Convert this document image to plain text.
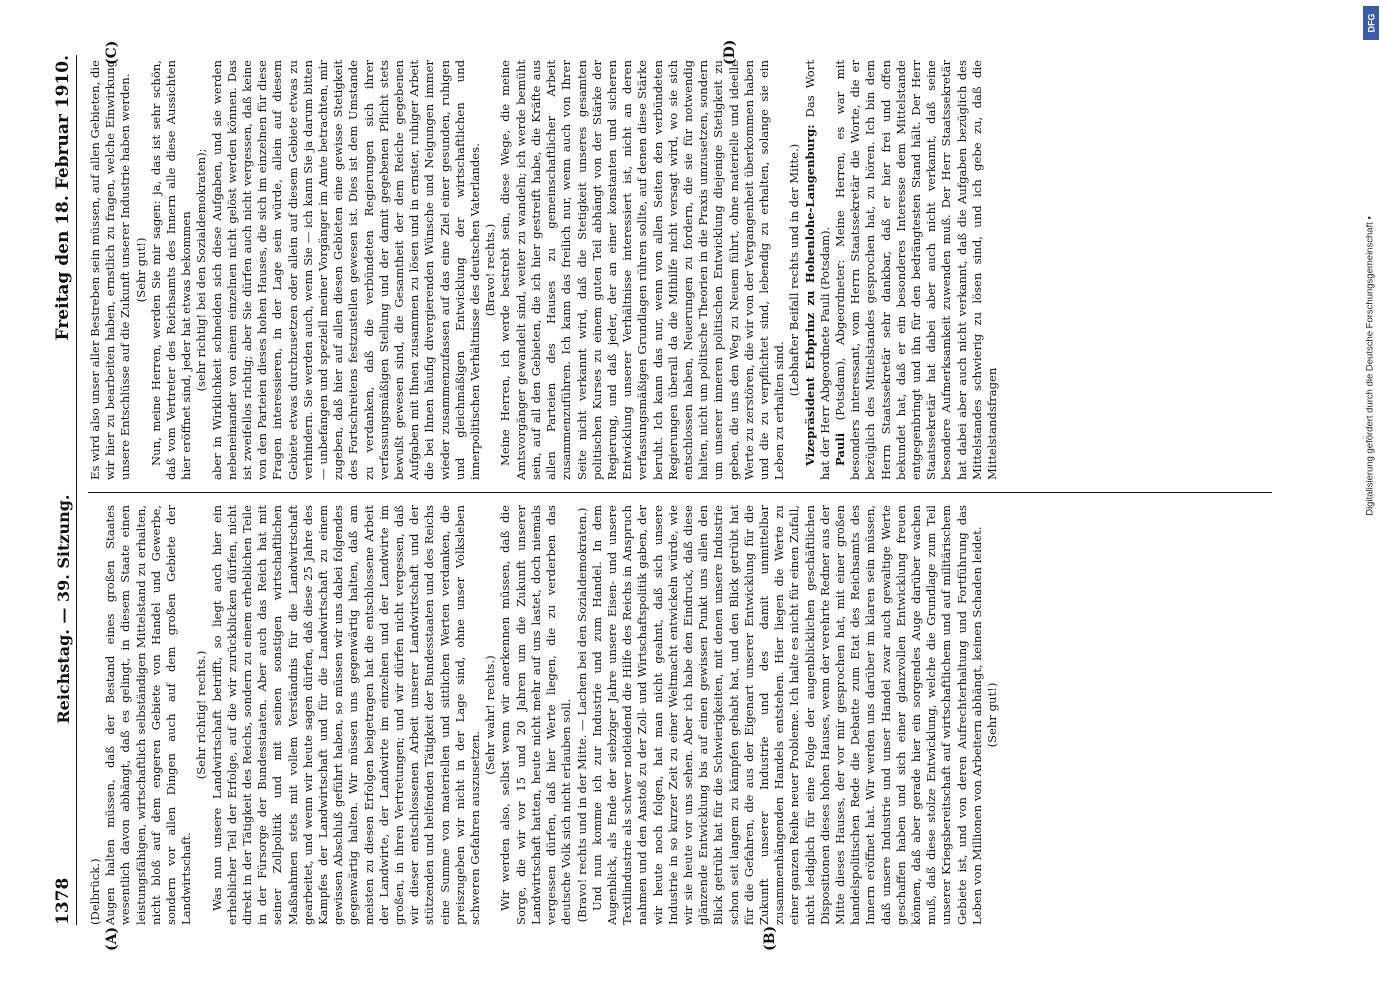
1378
Reichstag. — 39. Sitzung.
Freitag den 18. Februar 1910.
(A)	(B)
(C)	(D)

(Delbrück.) Augen halten müssen, daß der Bestand eines großen Staates wesentlich davon abhängt, daß es gelingt, in diesem Staate einen leistungsfähigen, wirtschaftlich selbständigen Mittelstand zu erhalten, nicht bloß auf dem engeren Gebiete von Handel und Gewerbe, sondern vor allen Dingen auch auf dem großen Gebiete der Landwirtschaft.

(Sehr richtig! rechts.) Was nun unsere Landwirtschaft betrifft, so liegt auch hier ein erheblicher Teil der Erfolge, auf die wir zurückblicken dürfen, nicht direkt in der Tätigkeit des Reichs, sondern zu einem erheblichen Teile in der Fürsorge der Bundesstaaten. Aber auch das Reich hat mit seiner Zollpolitik und mit seinen sonstigen wirtschaftlichen Maßnahmen stets mit vollem Verständnis für die Landwirtschaft gearbeitet, und wenn wir heute sagen dürfen, daß diese 25 Jahre des Kampfes der Landwirtschaft und für die Landwirtschaft zu einem gewissen Abschluß geführt haben, so müssen wir uns dabei folgendes gegenwärtig halten. Wir müssen uns gegenwärtig halten, daß am meisten zu diesen Erfolgen beigetragen hat die entschlossene Arbeit der Landwirte, der Landwirte im einzelnen und der Landwirte im großen, in ihren Vertretungen; und wir dürfen nicht vergessen, daß wir dieser entschlossenen Arbeit unserer Landwirtschaft und der stützenden und helfenden Tätigkeit der Bundesstaaten und des Reichs eine Summe von materiellen und sittlichen Werten verdanken, die preiszugeben wir nicht in der Lage sind, ohne unser Volksleben schweren Gefahren auszusetzen.

(Sehr wahr! rechts.) Wir werden also, selbst wenn wir anerkennen müssen, daß die Sorge, die wir vor 15 und 20 Jahren um die Zukunft unserer Landwirtschaft hatten, heute nicht mehr auf uns lastet, doch niemals vergessen dürfen, daß hier Werte liegen, die zu verderben das deutsche Volk sich nicht erlauben soll. (Bravo! rechts und in der Mitte. — Lachen bei den Sozialdemokraten.) Und nun komme ich zur Industrie und zum Handel. In dem Augenblick, als Ende der siebziger Jahre unsere Eisen- und unsere Textilindustrie als schwer notleidend die Hilfe des Reichs in Anspruch nahmen und den Anstoß zu der Zoll- und Wirtschaftspolitik gaben, der wir heute noch folgen, hat man nicht geahnt, daß sich unsere Industrie in so kurzer Zeit zu einer Weltmacht entwickeln würde, wie wir sie heute vor uns sehen. Aber ich habe den Eindruck, daß diese glänzende Entwicklung bis auf einen gewissen Punkt uns allen den Blick getrübt hat für die Schwierigkeiten, mit denen unsere Industrie schon seit langem zu kämpfen gehabt hat, und den Blick getrübt hat für die Gefahren, die aus der Eigenart unserer Entwicklung für die Zukunft unserer Industrie und des damit unmittelbar zusammenhängenden Handels entstehen. Hier liegen die Werte zu einer ganzen Reihe neuer Probleme. Ich halte es nicht für einen Zufall, nicht lediglich für eine Folge der augenblicklichen geschäftlichen Dispositionen dieses hohen Hauses, wenn der verehrte Redner aus der Mitte dieses Hauses, der vor mir gesprochen hat, mit einer großen handelspolitischen Rede die Debatte zum Etat des Reichsamts des Innern eröffnet hat. Wir werden uns darüber im klaren sein müssen, daß unsere Industrie und unser Handel zwar auch gewaltige Werte geschaffen haben und sich einer glanzvollen Entwicklung freuen können, daß aber gerade hier ein sorgendes Auge darüber wachen muß, daß diese stolze Entwicklung, welche die Grundlage zum Teil unserer Kriegsbereitschaft auf wirtschaftlichem und auf militärischem Gebiete ist, und von deren Aufrechterhaltung und Fortführung das Leben von Millionen von Arbeitern abhängt, keinen Schaden leidet. (Sehr gut!)

Es wird also unser aller Bestreben sein müssen, auf allen Gebieten, die wir hier zu bearbeiten haben, ernstlich zu fragen, welche Einwirkung unsere Entschlüsse auf die Zukunft unserer Industrie haben werden. (Sehr gut!) Nun, meine Herren, werden Sie mir sagen: ja, das ist sehr schön, daß vom Vertreter des Reichsamts des Innern alle diese Aussichten hier eröffnet sind, jeder hat etwas bekommen (sehr richtig! bei den Sozialdemokraten); aber in Wirklichkeit schneiden sich diese Aufgaben, und sie werden nebeneinander von einem einzelnen nicht gelöst werden können. Das ist zweifellos richtig; aber Sie dürfen auch nicht vergessen, daß keine von den Parteien dieses hohen Hauses, die sich im einzelnen für diese Fragen interessieren, in der Lage sein würde, allein auf diesem Gebiete etwas durchzusetzen oder allein auf diesem Gebiete etwas zu verhindern. Sie werden auch, wenn Sie — ich kann Sie ja darum bitten — unbefangen und speziell meiner Vorgänger im Amte betrachten, mir zugeben, daß hier auf allen diesen Gebieten eine gewisse Stetigkeit des Fortschreitens festzustellen gewesen ist. Dies ist dem Umstande zu verdanken, daß die verbündeten Regierungen sich ihrer verfassungsmäßigen Stellung und der damit gegebenen Pflicht stets bewußt gewesen sind, die Gesamtheit der dem Reiche gegebenen Aufgaben mit Ihnen zusammen zu lösen und in ernster, ruhiger Arbeit die bei Ihnen häufig divergierenden Wünsche und Neigungen immer wieder zusammenzufassen auf das eine Ziel einer gesunden, ruhigen und gleichmäßigen Entwicklung der wirtschaftlichen und innerpolitischen Verhältnisse des deutschen Vaterlandes. (Bravo! rechts.) Meine Herren, ich werde bestrebt sein, diese Wege, die meine Amtsvorgänger gewandelt sind, weiter zu wandeln; ich werde bemüht sein, auf all den Gebieten, die ich hier gestreift habe, die Kräfte aus allen Parteien des Hauses zu gemeinschaftlicher Arbeit zusammenzuführen. Ich kann das freilich nur, wenn auch von Ihrer Seite nicht verkannt wird, daß die Stetigkeit unseres gesamten politischen Kurses zu einem guten Teil abhängt von der Stärke der Regierung, und daß jeder, der an einer konstanten und sicheren Entwicklung unserer Verhältnisse interessiert ist, nicht an deren verfassungsmäßigen Grundlagen rühren sollte, auf denen diese Stärke beruht. Ich kann das nur, wenn von allen Seiten den verbündeten Regierungen überall da die Mithilfe nicht versagt wird, wo sie sich entschlossen haben, Neuerungen zu fordern, die sie für notwendig halten, nicht um politische Theorien in die Praxis umzusetzen, sondern um unserer inneren politischen Entwicklung diejenige Stetigkeit zu geben, die uns den Weg zu Neuem führt, ohne materielle und ideelle Werte zu zerstören, die wir von der Vergangenheit überkommen haben und die zu verpflichtet sind, lebendig zu erhalten, solange sie ein Leben zu erhalten sind.

(Lebhafter Beifall rechts und in der Mitte.) Vizepräsident Erbprinz zu Hohenlohe-Langenburg: Das Wort hat der Herr Abgeordnete Pauli (Potsdam). Pauli (Potsdam), Abgeordneter: Meine Herren, es war mit besonders interessant, vom Herrn Staatssekretär die Worte, die er bezüglich des Mittelstandes gesprochen hat, zu hören. Ich bin dem Herrn Staatssekretär sehr dankbar, daß er hier frei und offen bekundet hat, daß er ein besonderes Interesse dem Mittelstande entgegenbringt und ihn für den bedrängtesten Stand hält. Der Herr Staatssekretär hat dabei aber auch nicht verkannt, daß seine besondere Aufmerksamkeit zuwenden muß. Der Herr Staatssekretär hat dabei aber auch nicht verkannt, daß die Aufgaben bezüglich des Mittelstandes schwierig zu lösen sind, und ich gebe zu, daß die Mittelstandsfragen

DFG
Digitalisierung gefördert durch die Deutsche Forschungsgemeinschaft •
